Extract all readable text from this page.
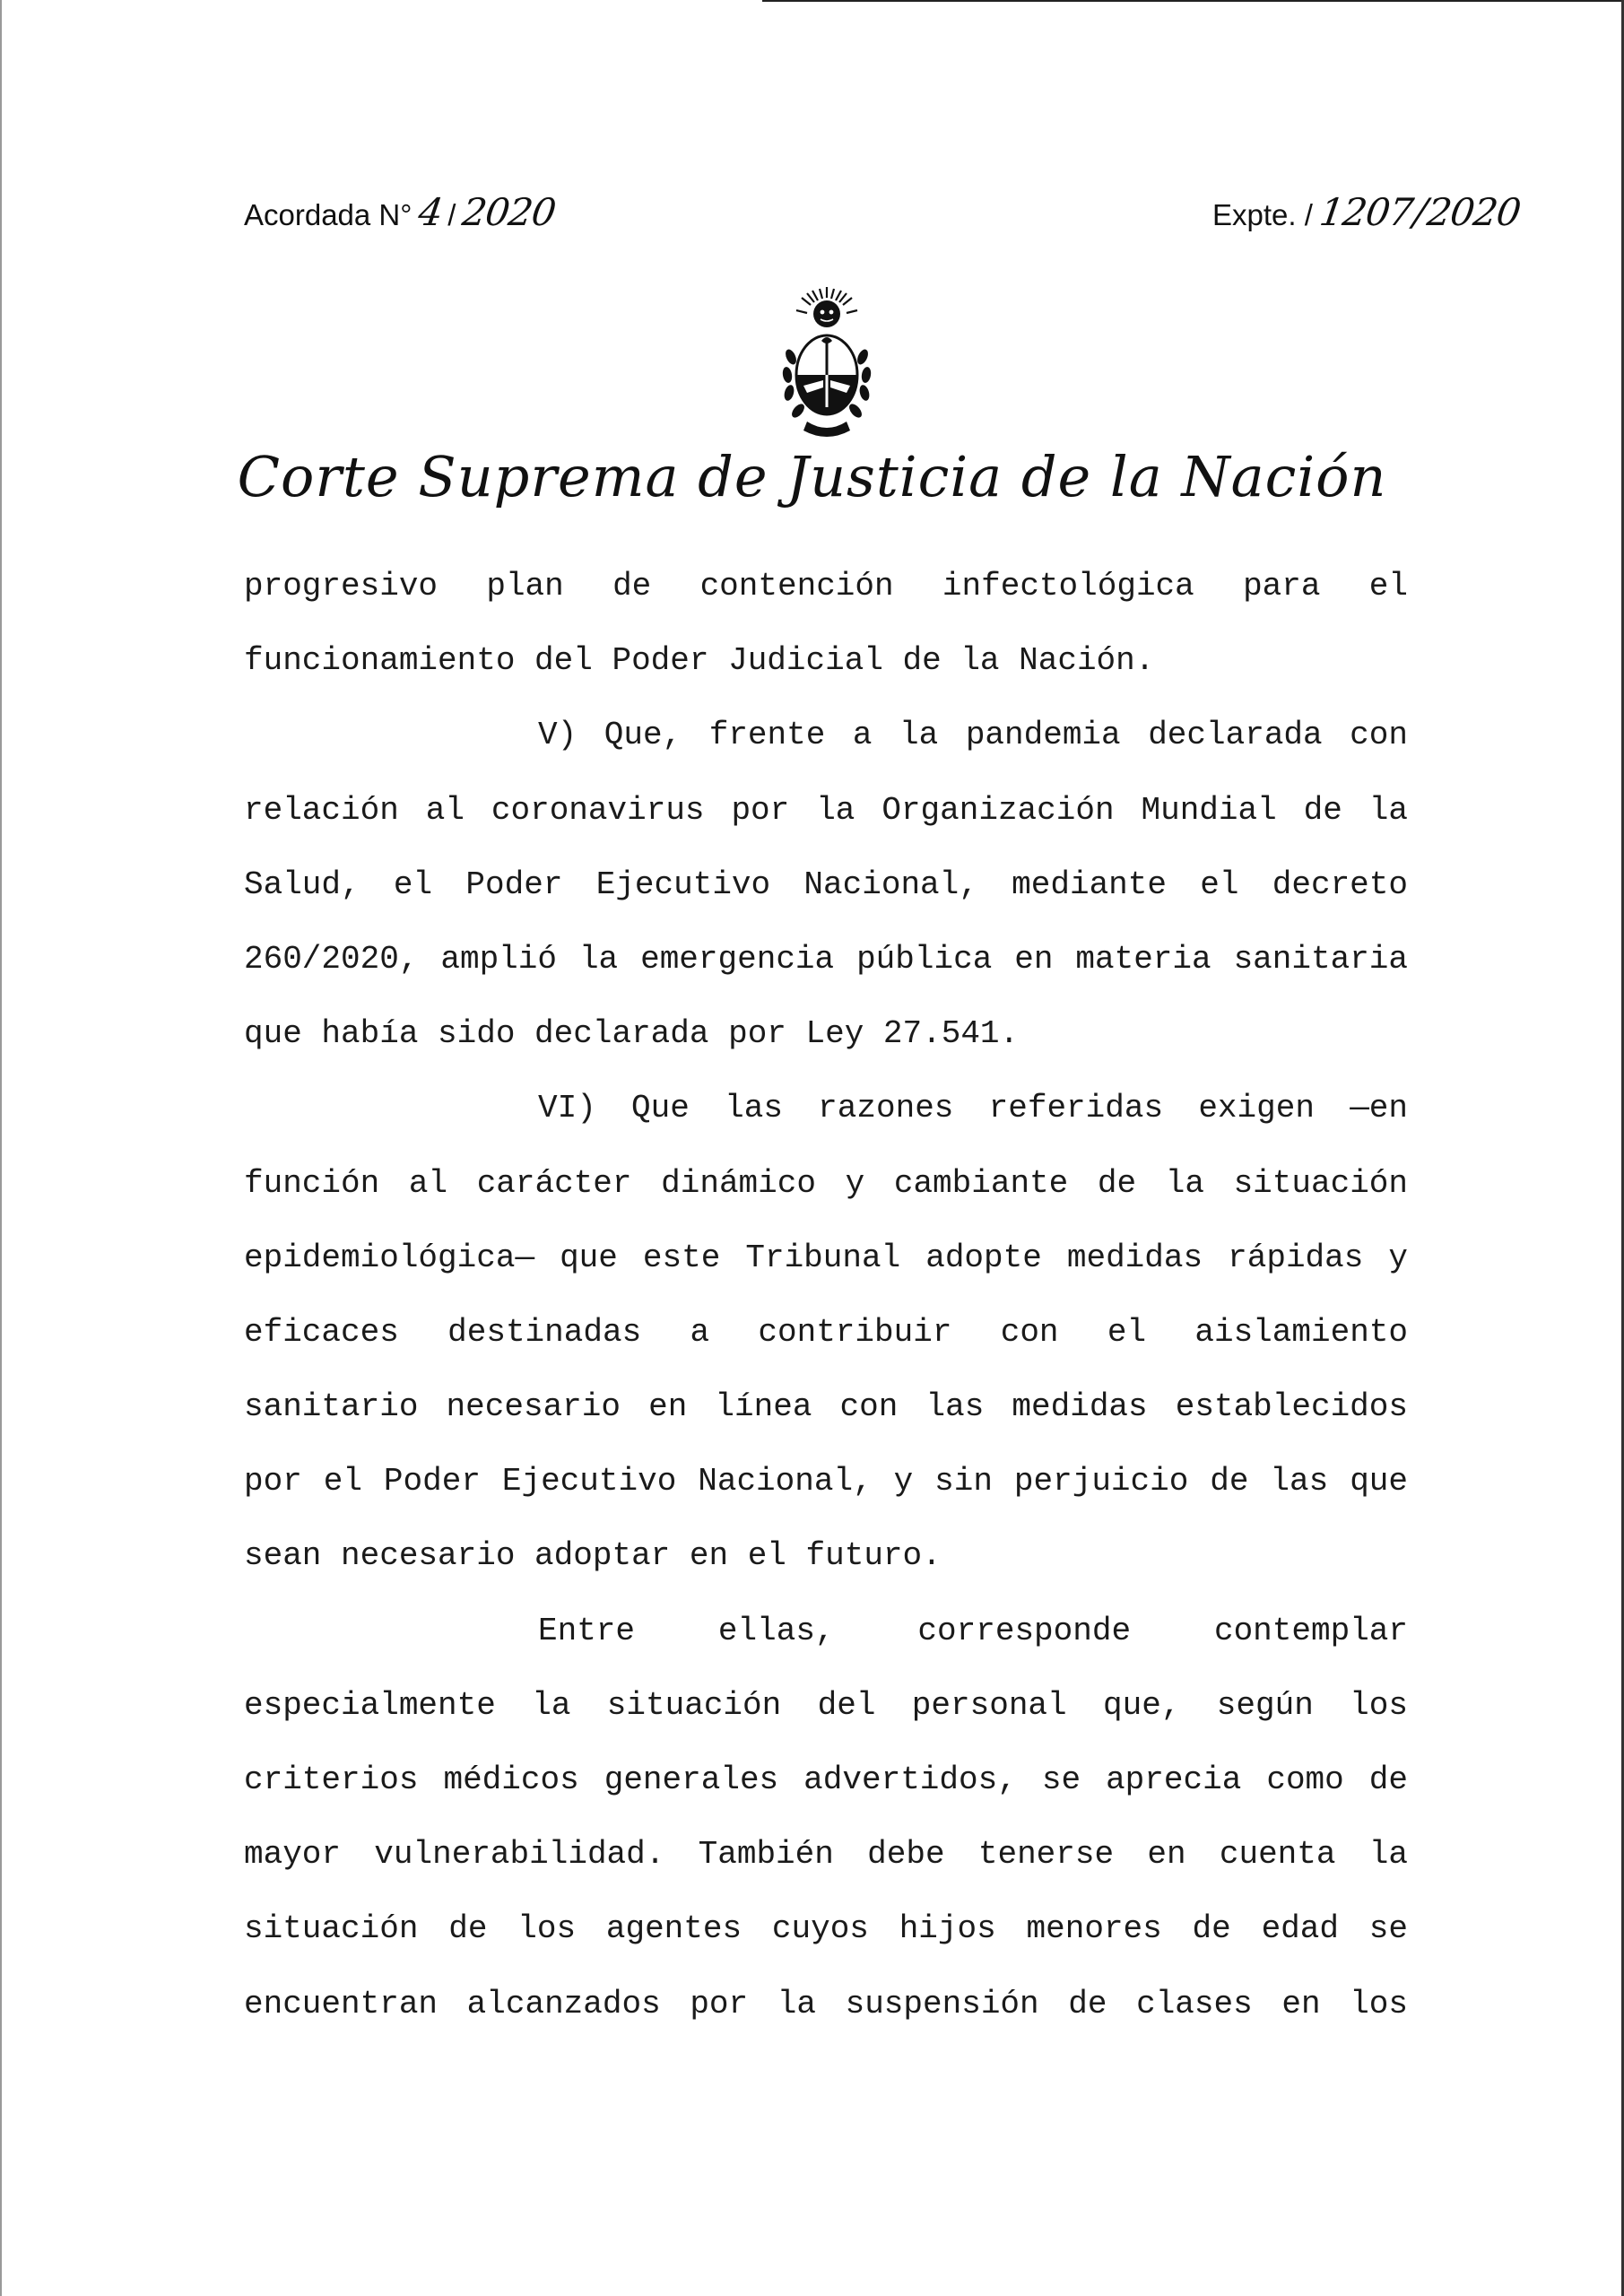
Acordada N° 4 / 2020	Expte. / 1207
/
2020
Corte Suprema de Justicia de la Nación
progresivo plan de contención infectológica para el
funcionamiento del Poder Judicial de la Nación.
V) Que, frente a la pandemia declarada con
relación al coronavirus por la Organización Mundial de la
Salud, el Poder Ejecutivo Nacional, mediante el decreto
260/2020, amplió la emergencia pública en materia sanitaria
que había sido declarada por Ley 27.541.
VI) Que las razones referidas exigen —en
función al carácter dinámico y cambiante de la situación
epidemiológica— que este Tribunal adopte medidas rápidas y
eficaces destinadas a contribuir con el aislamiento
sanitario necesario en línea con las medidas establecidos
por el Poder Ejecutivo Nacional, y sin perjuicio de las que
sean necesario adoptar en el futuro.
Entre ellas, corresponde contemplar
especialmente la situación del personal que, según los
criterios médicos generales advertidos, se aprecia como de
mayor vulnerabilidad. También debe tenerse en cuenta la
situación de los agentes cuyos hijos menores de edad se
encuentran alcanzados por la suspensión de clases en los
